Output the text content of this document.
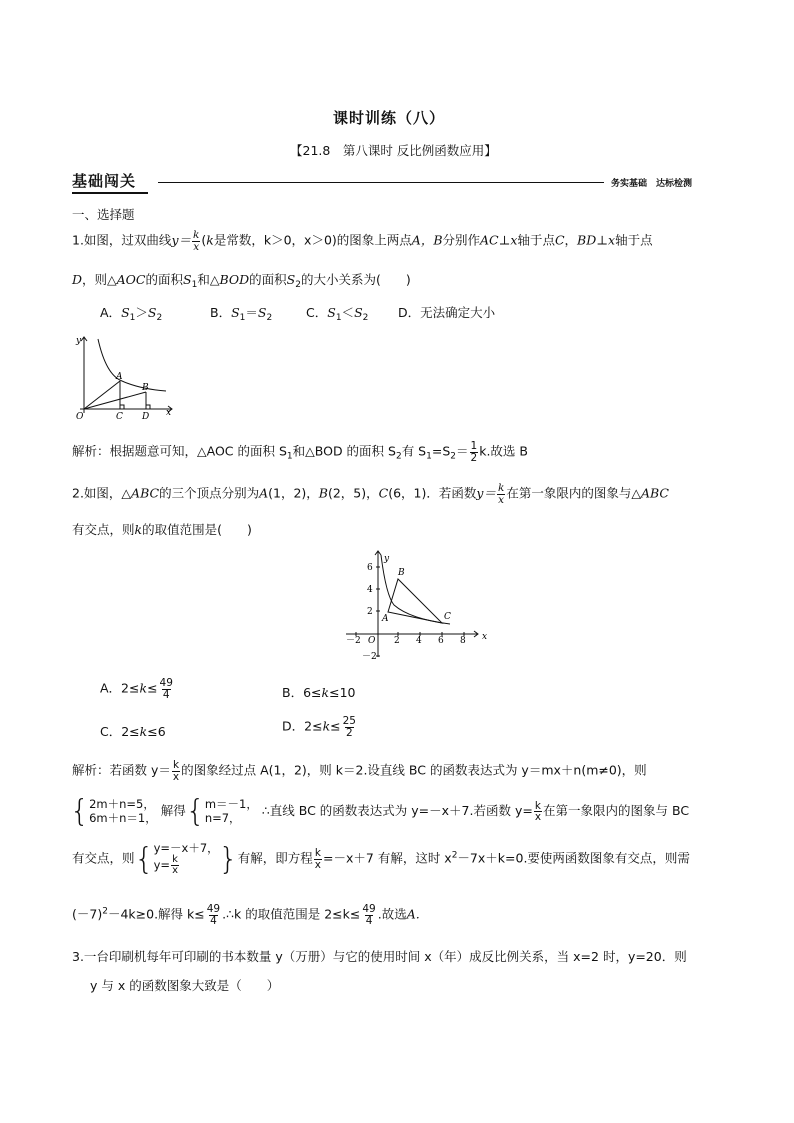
课时训练（八）
【21.8　第八课时 反比例函数应用】
基础闯关	务实基础　达标检测
一、选择题
1.如图，过双曲线$y= \frac{k}{x} (k$是常数，k＞0，x＞0)的图象上两点A，B分别作AC⊥x轴于点C，BD⊥x轴于点
D，则△AOC的面积$S_1$和△BOD的面积$S_2$的大小关系为(　　)
A．$S_1>S_2$	B．$S_1=S_2$	C．$S_1<S_2$ D．无法确定大小
y
A
B
O	C D x
解析：根据题意可知，△AOC 的面积 $S_1$和△BOD 的面积 $S_2$有 $S_1=S_2= \frac{1}{2} k$.故选 B
2.如图，△ABC的三个顶点分别为A(1，2)，B(2，5)，C(6，1)．若函数$y= \frac{k}{x}$ 在第一象限内的图象与△ABC
有交点，则k的取值范围是(　　)
y
x
O
A
B
C
－2	2 4 6 8
6
4
2
－2
A．$2\le k\le \frac{49}{4}$	B．6≤k≤10
C．2≤k≤6	D．$2\le k\le \frac{25}{2}$
解析：若函数 $y= \frac{k}{x}$ 的图象经过点 A(1，2)，则 k＝2.设直线 BC 的函数表达式为 y＝mx＋n(m≠0)，则
{ 2m＋n=5，
6m＋n＝1， 解得 { m＝－1，
n=7，	∴直线 BC 的函数表达式为 y=－x＋7.若函数 $y= \frac{k}{x}$ 在第一象限内的图象与 BC
有交点，则 { y=－x＋7，
$y= \frac{k}{x}$ } 有解，即方程 $\frac{k}{x} =-x+7$ 有解，这时 $x^2-7x+k=0$.要使两函数图象有交点，则需
$(-7)^2-4k\ge 0$.解得 $k\le \frac{49}{4}$ .∴k 的取值范围是 $2\le k\le \frac{49}{4}$ .故选A.
3.一台印刷机每年可印刷的书本数量 y（万册）与它的使用时间 x（年）成反比例关系，当 x=2 时，y=20．则
y 与 x 的函数图象大致是（　　）
